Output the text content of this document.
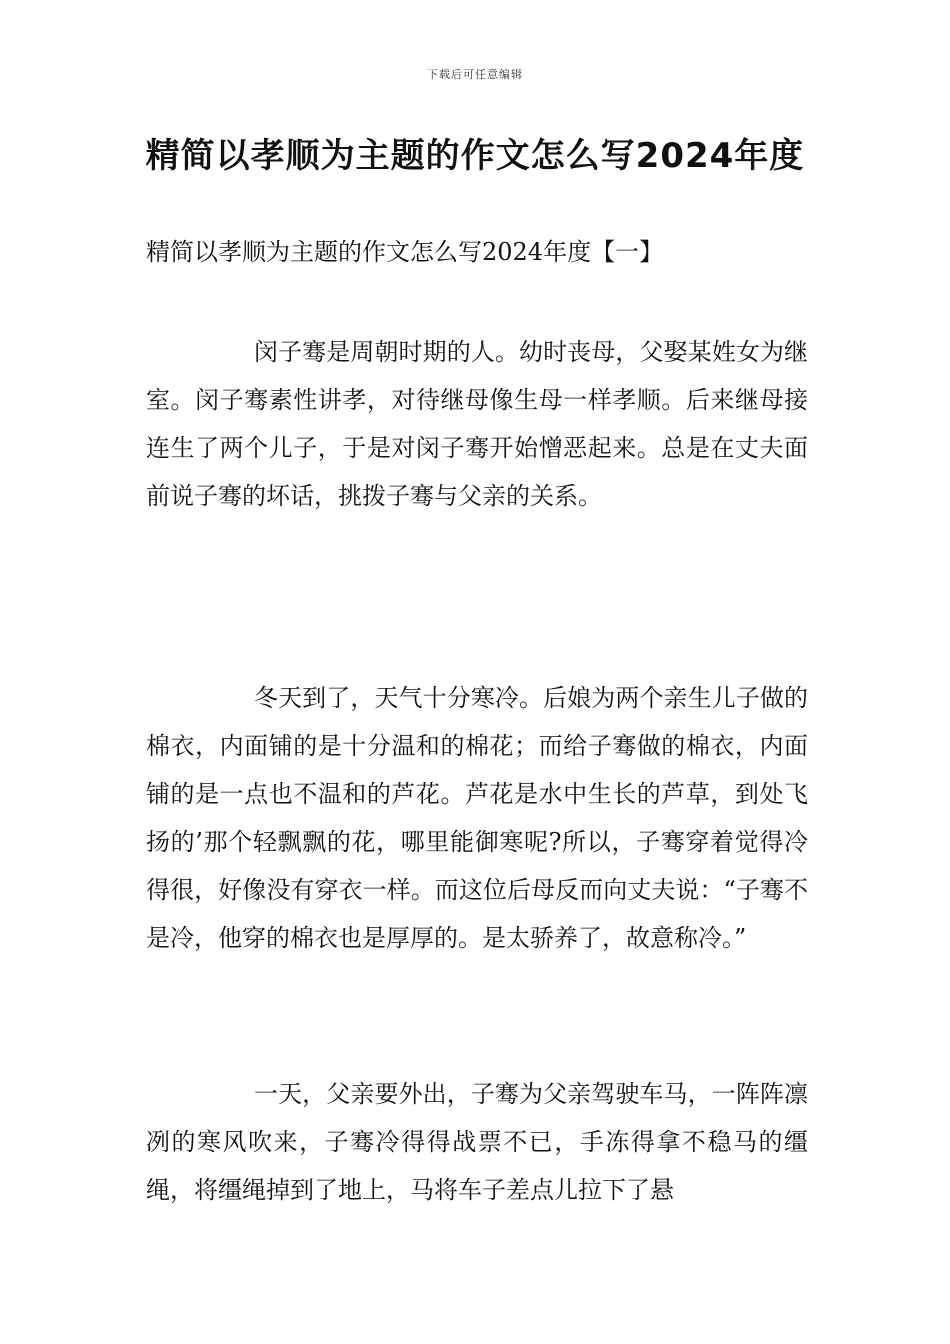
下载后可任意编辑
精简以孝顺为主题的作文怎么写2024年度
精简以孝顺为主题的作文怎么写2024年度【一】

闵子骞是周朝时期的人。幼时丧母，父娶某姓女为继室。闵子骞素性讲孝，对待继母像生母一样孝顺。后来继母接连生了两个儿子，于是对闵子骞开始憎恶起来。总是在丈夫面前说子骞的坏话，挑拨子骞与父亲的关系。

冬天到了，天气十分寒冷。后娘为两个亲生儿子做的棉衣，内面铺的是十分温和的棉花；而给子骞做的棉衣，内面铺的是一点也不温和的芦花。芦花是水中生长的芦草，到处飞扬的’那个轻飘飘的花，哪里能御寒呢?所以，子骞穿着觉得冷得很，好像没有穿衣一样。而这位后母反而向丈夫说：“子骞不是冷，他穿的棉衣也是厚厚的。是太骄养了，故意称冷。”

一天，父亲要外出，子骞为父亲驾驶车马，一阵阵凛冽的寒风吹来，子骞冷得得战票不已，手冻得拿不稳马的缰绳，将缰绳掉到了地上，马将车子差点儿拉下了悬
